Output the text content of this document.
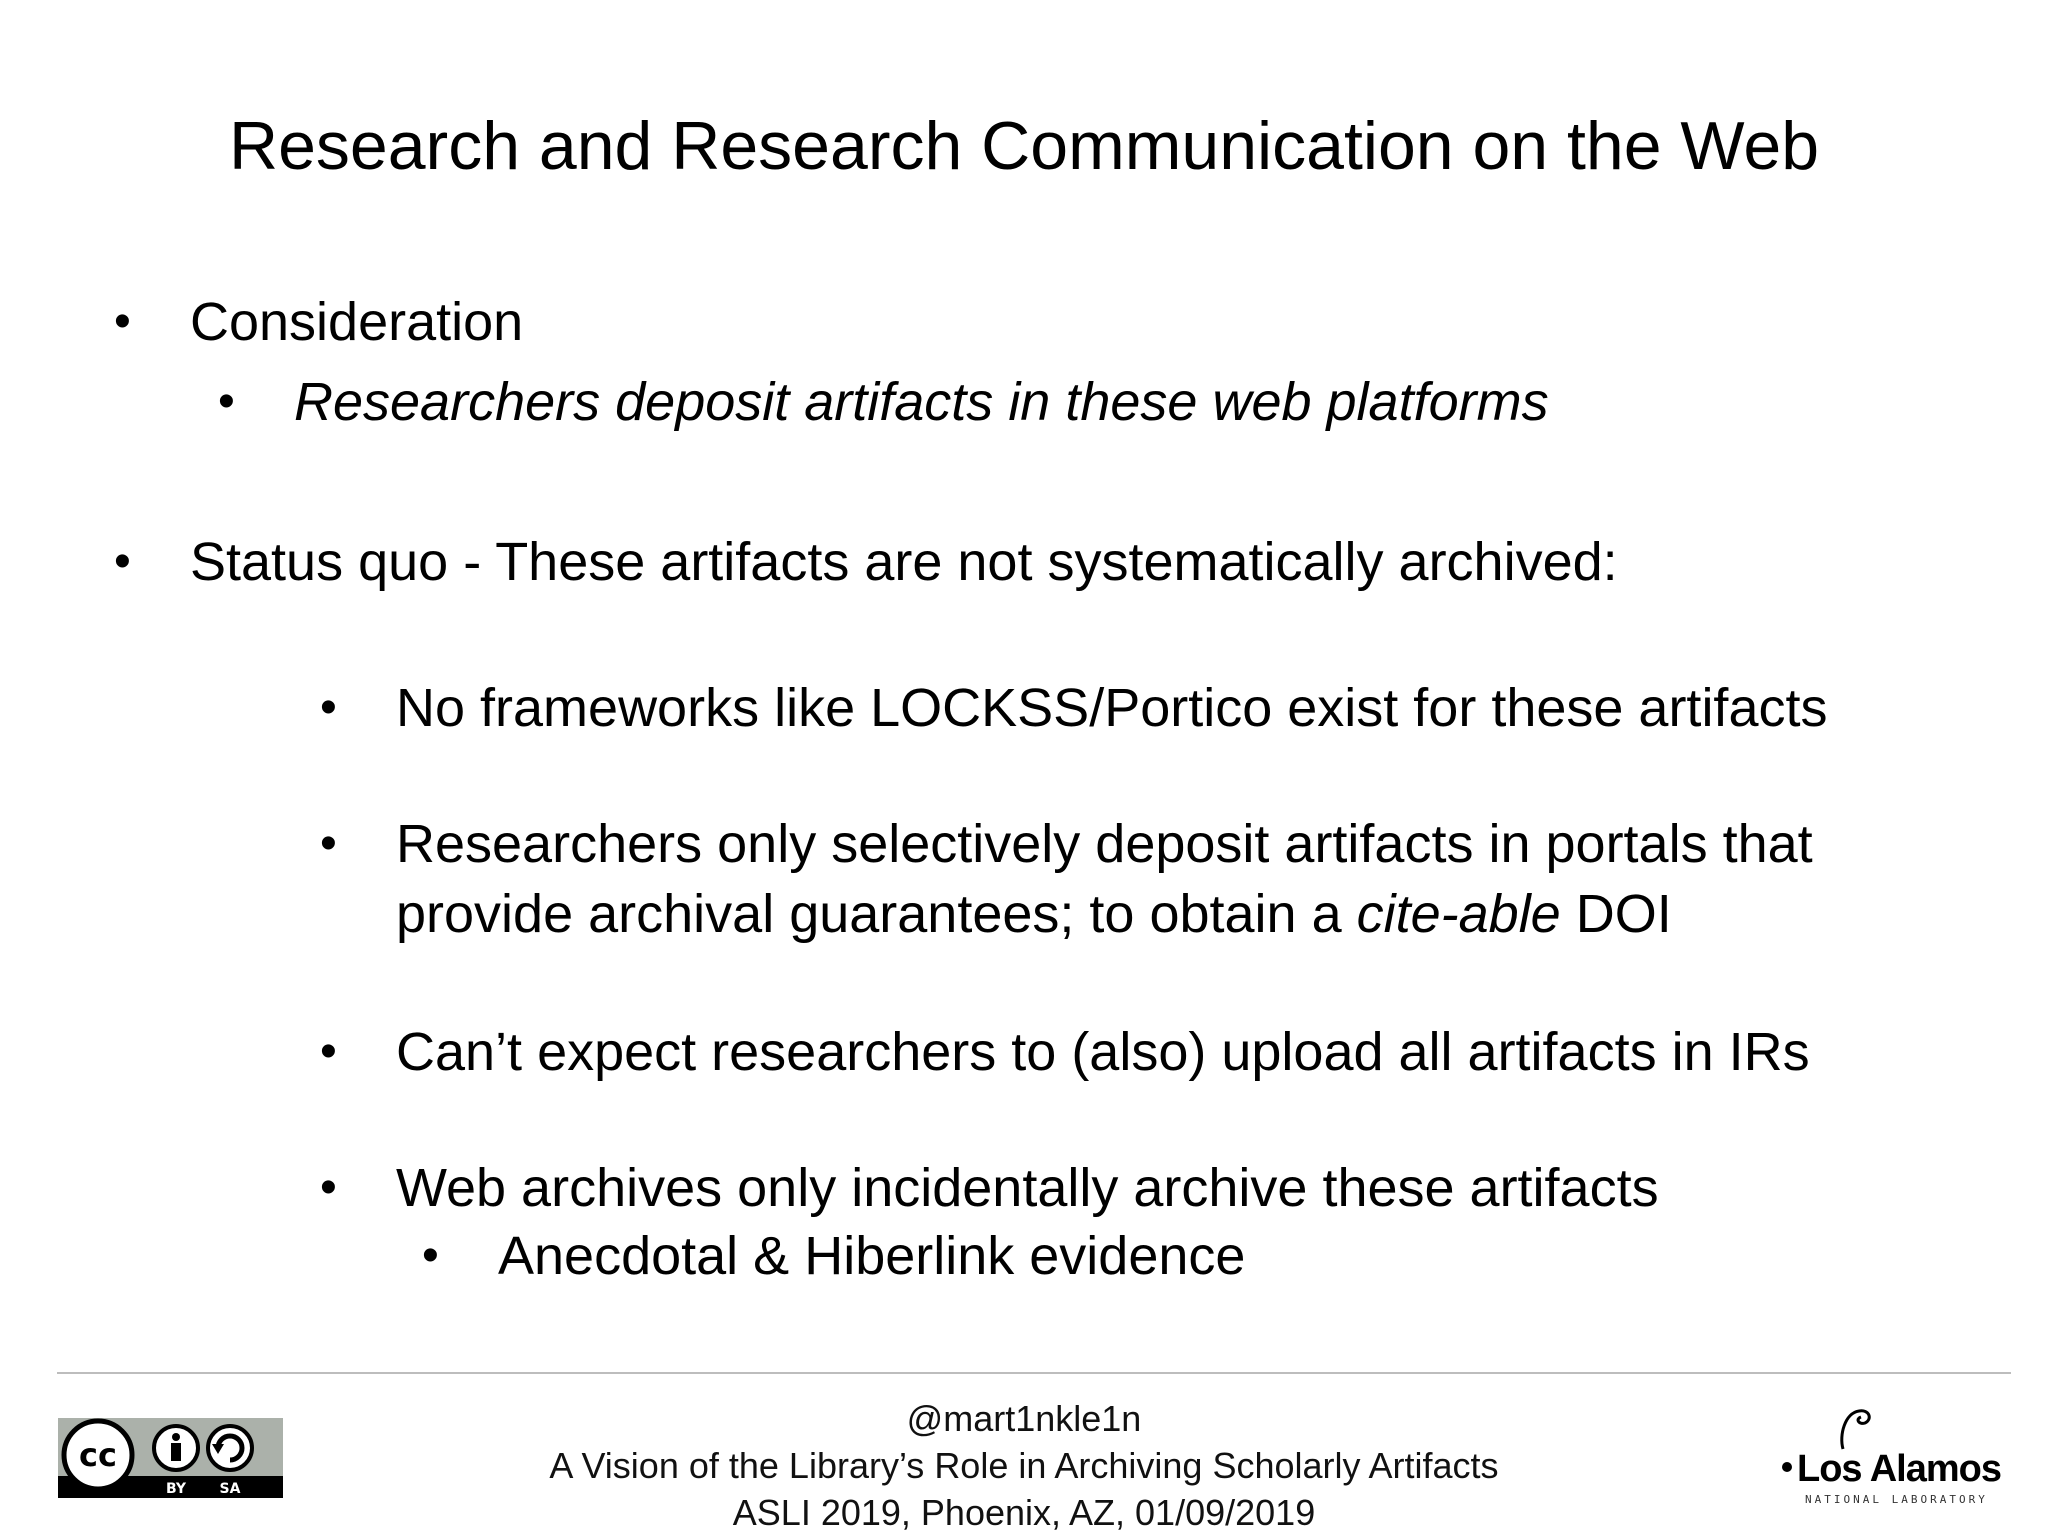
Research and Research Communication on the Web
• Consideration
• Researchers deposit artifacts in these web platforms
• Status quo - These artifacts are not systematically archived:
• No frameworks like LOCKSS/Portico exist for these artifacts
• Researchers only selectively deposit artifacts in portals that
provide archival guarantees; to obtain a cite-able DOI
• Can’t expect researchers to (also) upload all artifacts in IRs
• Web archives only incidentally archive these artifacts
• Anecdotal & Hiberlink evidence
cc
BY SA
@mart1nkle1n
A Vision of the Library’s Role in Archiving Scholarly Artifacts
ASLI 2019, Phoenix, AZ, 01/09/2019
Los Alamos
NATIONAL LABORATORY
